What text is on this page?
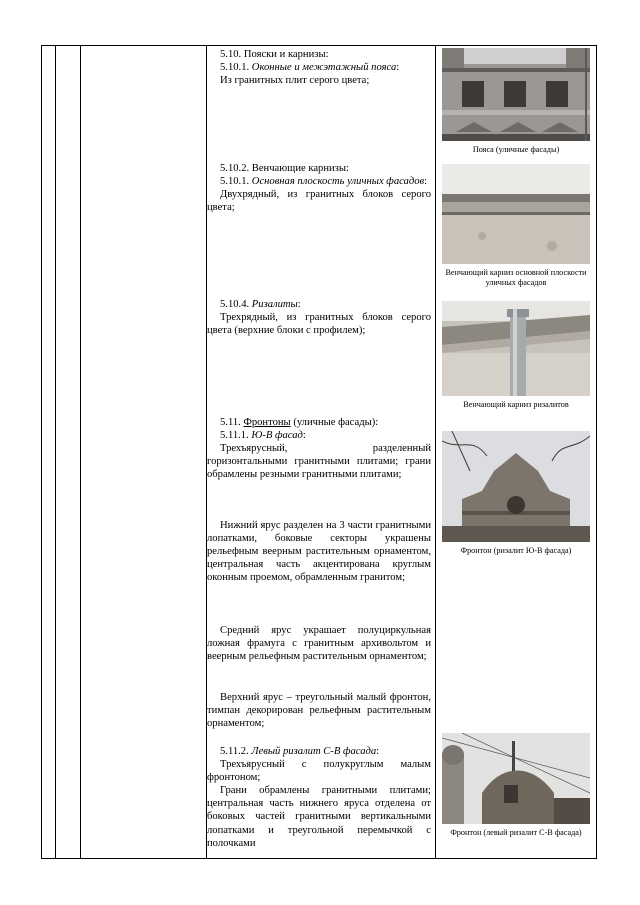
5.10. Пояски и карнизы:

5.10.1. Оконные и межэтажный пояса:

Из гранитных плит серого цвета;

5.10.2. Венчающие карнизы:

5.10.1. Основная плоскость уличных фасадов:

Двухрядный, из гранитных блоков серого цвета;

5.10.4. Ризалиты:

Трехрядный, из гранитных блоков серого цвета (верхние блоки с профилем);

5.11. Фронтоны (уличные фасады):

5.11.1. Ю-В фасад:

Трехъярусный, разделенный горизонтальными гранитными плитами; грани обрамлены резными гранитными плитами;

Нижний ярус разделен на 3 части гранитными лопатками, боковые секторы украшены рельефным веерным растительным орнаментом, центральная часть акцентирована круглым оконным проемом, обрамленным гранитом;

Средний ярус украшает полуциркульная ложная фрамуга с гранитным архивольтом и веерным рельефным растительным орнаментом;

Верхний ярус – треугольный малый фронтон, тимпан декорирован рельефным растительным орнаментом;

5.11.2. Левый ризалит С-В фасада:

Трехъярусный с полукруглым малым фронтоном;

Грани обрамлены гранитными плитами; центральная часть нижнего яруса отделена от боковых частей гранитными вертикальными лопатками и треугольной перемычкой с полочками

Пояса (уличные фасады)
Венчающий карниз основной плоскости уличных фасадов
Венчающий карниз ризалитов
Фронтон (ризалит Ю-В фасада)
Фронтон (левый ризалит С-В фасада)
